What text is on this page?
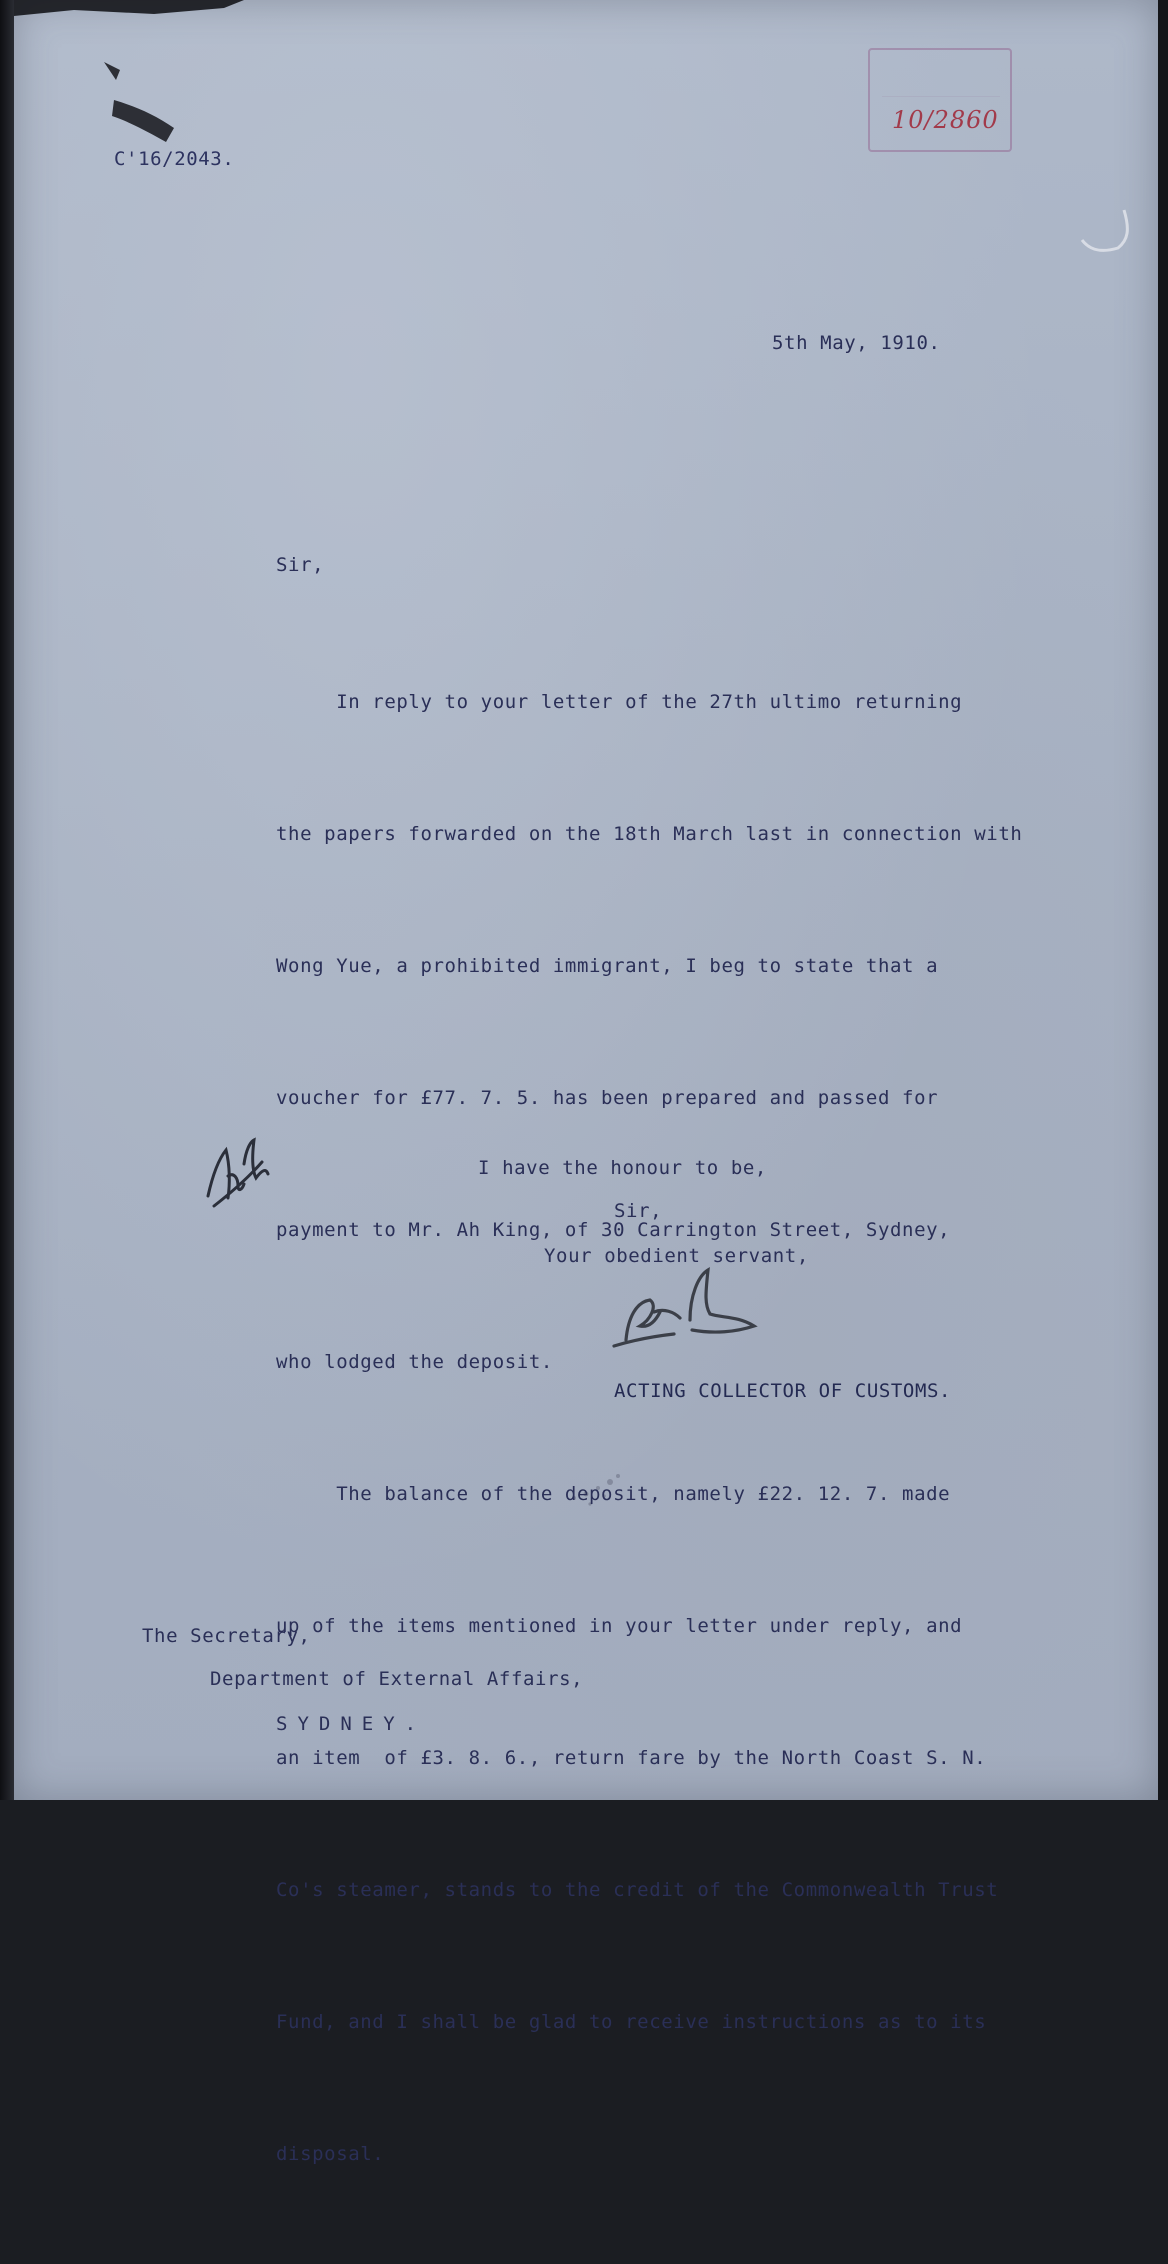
C'16/2043.
10/2860
5th May, 1910.
Sir,

In reply to your letter of the 27th ultimo returning

the papers forwarded on the 18th March last in connection with

Wong Yue, a prohibited immigrant, I beg to state that a

voucher for £77. 7. 5. has been prepared and passed for

payment to Mr. Ah King, of 30 Carrington Street, Sydney,

who lodged the deposit.

The balance of the deposit, namely £22. 12. 7. made

up of the items mentioned in your letter under reply, and

an item  of £3. 8. 6., return fare by the North Coast S. N.

Co's steamer, stands to the credit of the Commonwealth Trust

Fund, and I shall be glad to receive instructions as to its

disposal.

I have the honour to be,
Sir,
Your obedient servant,
ACTING COLLECTOR OF CUSTOMS.
The Secretary,
Department of External Affairs,
SYDNEY.
